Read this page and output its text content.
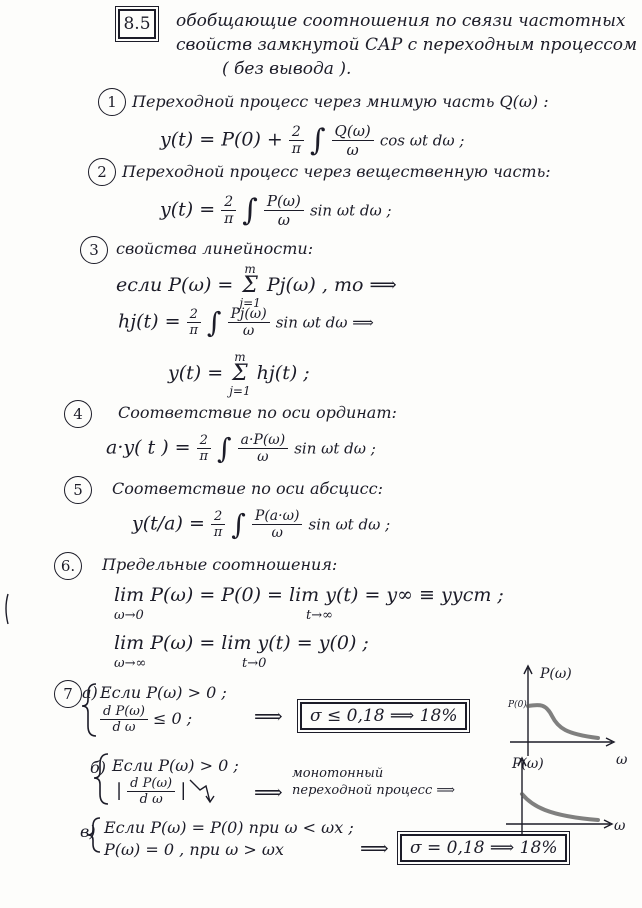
8.5	обобщающие соотношения по связи частотных
свойств замкнутой САР с переходным процессом
( без вывода ).
1 Переходной процесс через мнимую часть Q(ω) :
$y(t) = P(0) + \frac{2}{\pi}$ ∫ $\frac{Q(\omega)}{\omega}$ cos ωt dω ;
2 Переходной процесс через вещественную часть:
$y(t) = \frac{2}{\pi}$ ∫ $\frac{P(\omega)}{\omega}$ sin ωt dω ;
3	свойства линейности:
если P(ω) =
m
Σ
j=1
Pj(ω) , то ⟹
$hj(t) = \frac{2}{\pi}$ ∫ $\frac{Pj(\omega)}{\omega}$ sin ωt dω ⟹
y(t) =
m
Σ
j=1
hj(t) ;
4	Соответствие по оси ординат:
a·y( t ) = $\frac{2}{\pi}$ ∫ $\frac{a\cdot P(\omega)}{\omega}$ sin ωt dω ;
5	Соответствие по оси абсцисс:
$y(t/a) = \frac{2}{\pi}$ ∫ $\frac{P(a\cdot\omega)}{\omega}$ sin ωt dω ;
6.	Предельные соотношения:
lim P(ω) = P(0) = lim y(t) = y∞ ≡ yуст ;
ω→0	t→∞
lim P(ω) = lim y(t) = y(0) ;
ω→∞	t→0
7 а) Если P(ω) > 0 ;
$\frac{\text{d P(ω)}}{\text{d ω}} \le 0$ ;	⟹	σ ≤ 0,18 ⟹ 18%
б) Если P(ω) > 0 ;
| $\frac{\text{d P(ω)}}{\text{d ω}}$ |	⟹
монотонный
переходной процесс ⟹
в) Если P(ω) = P(0) при ω < ωx ;
P(ω) = 0 , при ω > ωx	⟹	σ = 0,18 ⟹ 18%
P(ω)
P(0)
ω
P(ω)
ω
